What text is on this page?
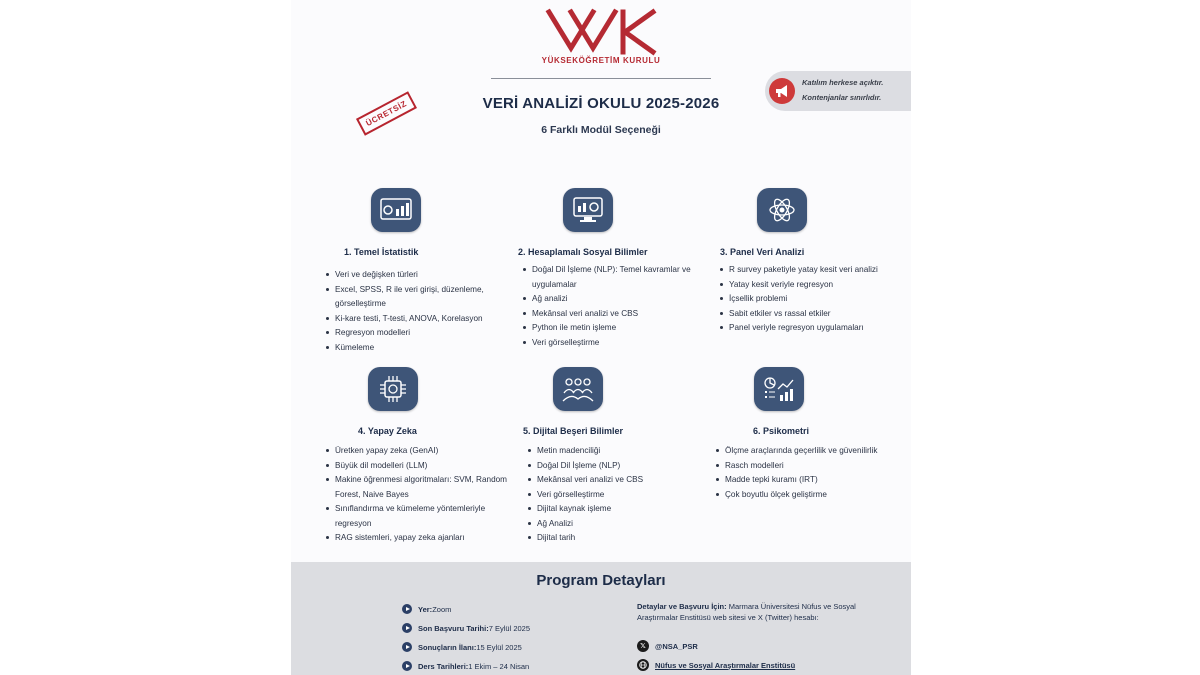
YÜKSEKÖĞRETİM KURULU
ÜCRETSİZ	VERİ ANALİZİ OKULU 2025-2026
6 Farklı Modül Seçeneği
Katılım herkese açıktır.
Kontenjanlar sınırlıdır.
1. Temel İstatistik
Veri ve değişken türleri
Excel, SPSS, R ile veri girişi, düzenleme, görselleştirme
Ki-kare testi, T-testi, ANOVA, Korelasyon
Regresyon modelleri
Kümeleme
2. Hesaplamalı Sosyal Bilimler
Doğal Dil İşleme (NLP): Temel kavramlar ve uygulamalar
Ağ analizi
Mekânsal veri analizi ve CBS
Python ile metin işleme
Veri görselleştirme
3. Panel Veri Analizi
R survey paketiyle yatay kesit veri analizi
Yatay kesit veriyle regresyon
İçsellik problemi
Sabit etkiler vs rassal etkiler
Panel veriyle regresyon uygulamaları
4. Yapay Zeka
Üretken yapay zeka (GenAI)
Büyük dil modelleri (LLM)
Makine öğrenmesi algoritmaları: SVM, Random Forest, Naive Bayes
Sınıflandırma ve kümeleme yöntemleriyle regresyon
RAG sistemleri, yapay zeka ajanları
5. Dijital Beşeri Bilimler
Metin madenciliği
Doğal Dil İşleme (NLP)
Mekânsal veri analizi ve CBS
Veri görselleştirme
Dijital kaynak işleme
Ağ Analizi
Dijital tarih
6. Psikometri
Ölçme araçlarında geçerlilik ve güvenilirlik
Rasch modelleri
Madde tepki kuramı (IRT)
Çok boyutlu ölçek geliştirme
Program Detayları
Yer: Zoom
Son Başvuru Tarihi: 7 Eylül 2025
Sonuçların İlanı: 15 Eylül 2025
Ders Tarihleri: 1 Ekim – 24 Nisan
Detaylar ve Başvuru İçin: Marmara Üniversitesi Nüfus ve Sosyal Araştırmalar Enstitüsü web sitesi ve X (Twitter) hesabı:
𝕏	@NSA_PSR
Nüfus ve Sosyal Araştırmalar Enstitüsü
